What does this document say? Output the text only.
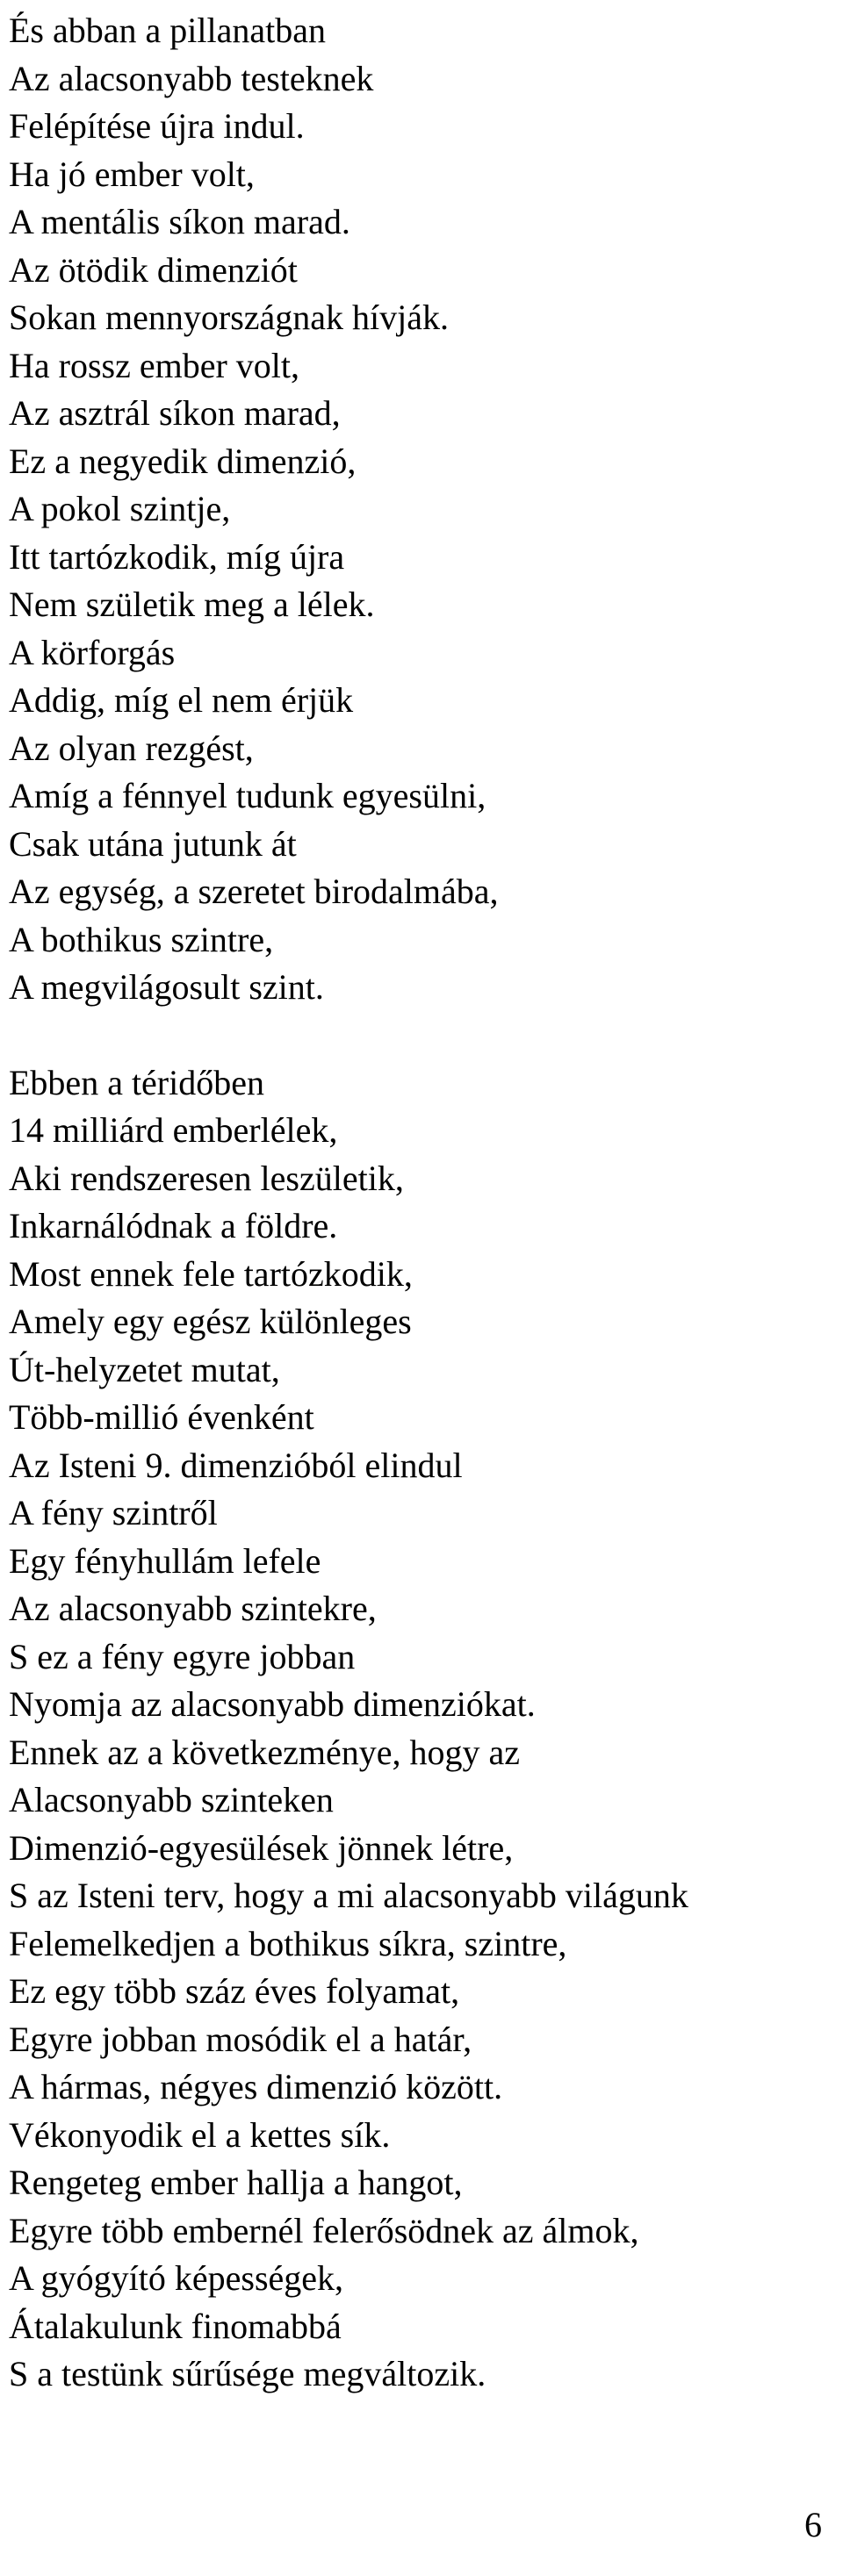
És abban a pillanatban
Az alacsonyabb testeknek
Felépítése újra indul.
Ha jó ember volt,
A mentális síkon marad.
Az ötödik dimenziót
Sokan mennyországnak hívják.
Ha rossz ember volt,
Az asztrál síkon marad,
Ez a negyedik dimenzió,
A pokol szintje,
Itt tartózkodik, míg újra
Nem születik meg a lélek.
A körforgás
Addig, míg el nem érjük
Az olyan rezgést,
Amíg a fénnyel tudunk egyesülni,
Csak utána jutunk át
Az egység, a szeretet birodalmába,
A bothikus szintre,
A megvilágosult szint.
Ebben a téridőben
14 milliárd emberlélek,
Aki rendszeresen leszületik,
Inkarnálódnak a földre.
Most ennek fele tartózkodik,
Amely egy egész különleges
Út-helyzetet mutat,
Több-millió évenként
Az Isteni 9. dimenzióból elindul
A fény szintről
Egy fényhullám lefele
Az alacsonyabb szintekre,
S ez a fény egyre jobban
Nyomja az alacsonyabb dimenziókat.
Ennek az a következménye, hogy az
Alacsonyabb szinteken
Dimenzió-egyesülések jönnek létre,
S az Isteni terv, hogy a mi alacsonyabb világunk
Felemelkedjen a bothikus síkra, szintre,
Ez egy több száz éves folyamat,
Egyre jobban mosódik el a határ,
A hármas, négyes dimenzió között.
Vékonyodik el a kettes sík.
Rengeteg ember hallja a hangot,
Egyre több embernél felerősödnek az álmok,
A gyógyító képességek,
Átalakulunk finomabbá
S a testünk sűrűsége megváltozik.
6
